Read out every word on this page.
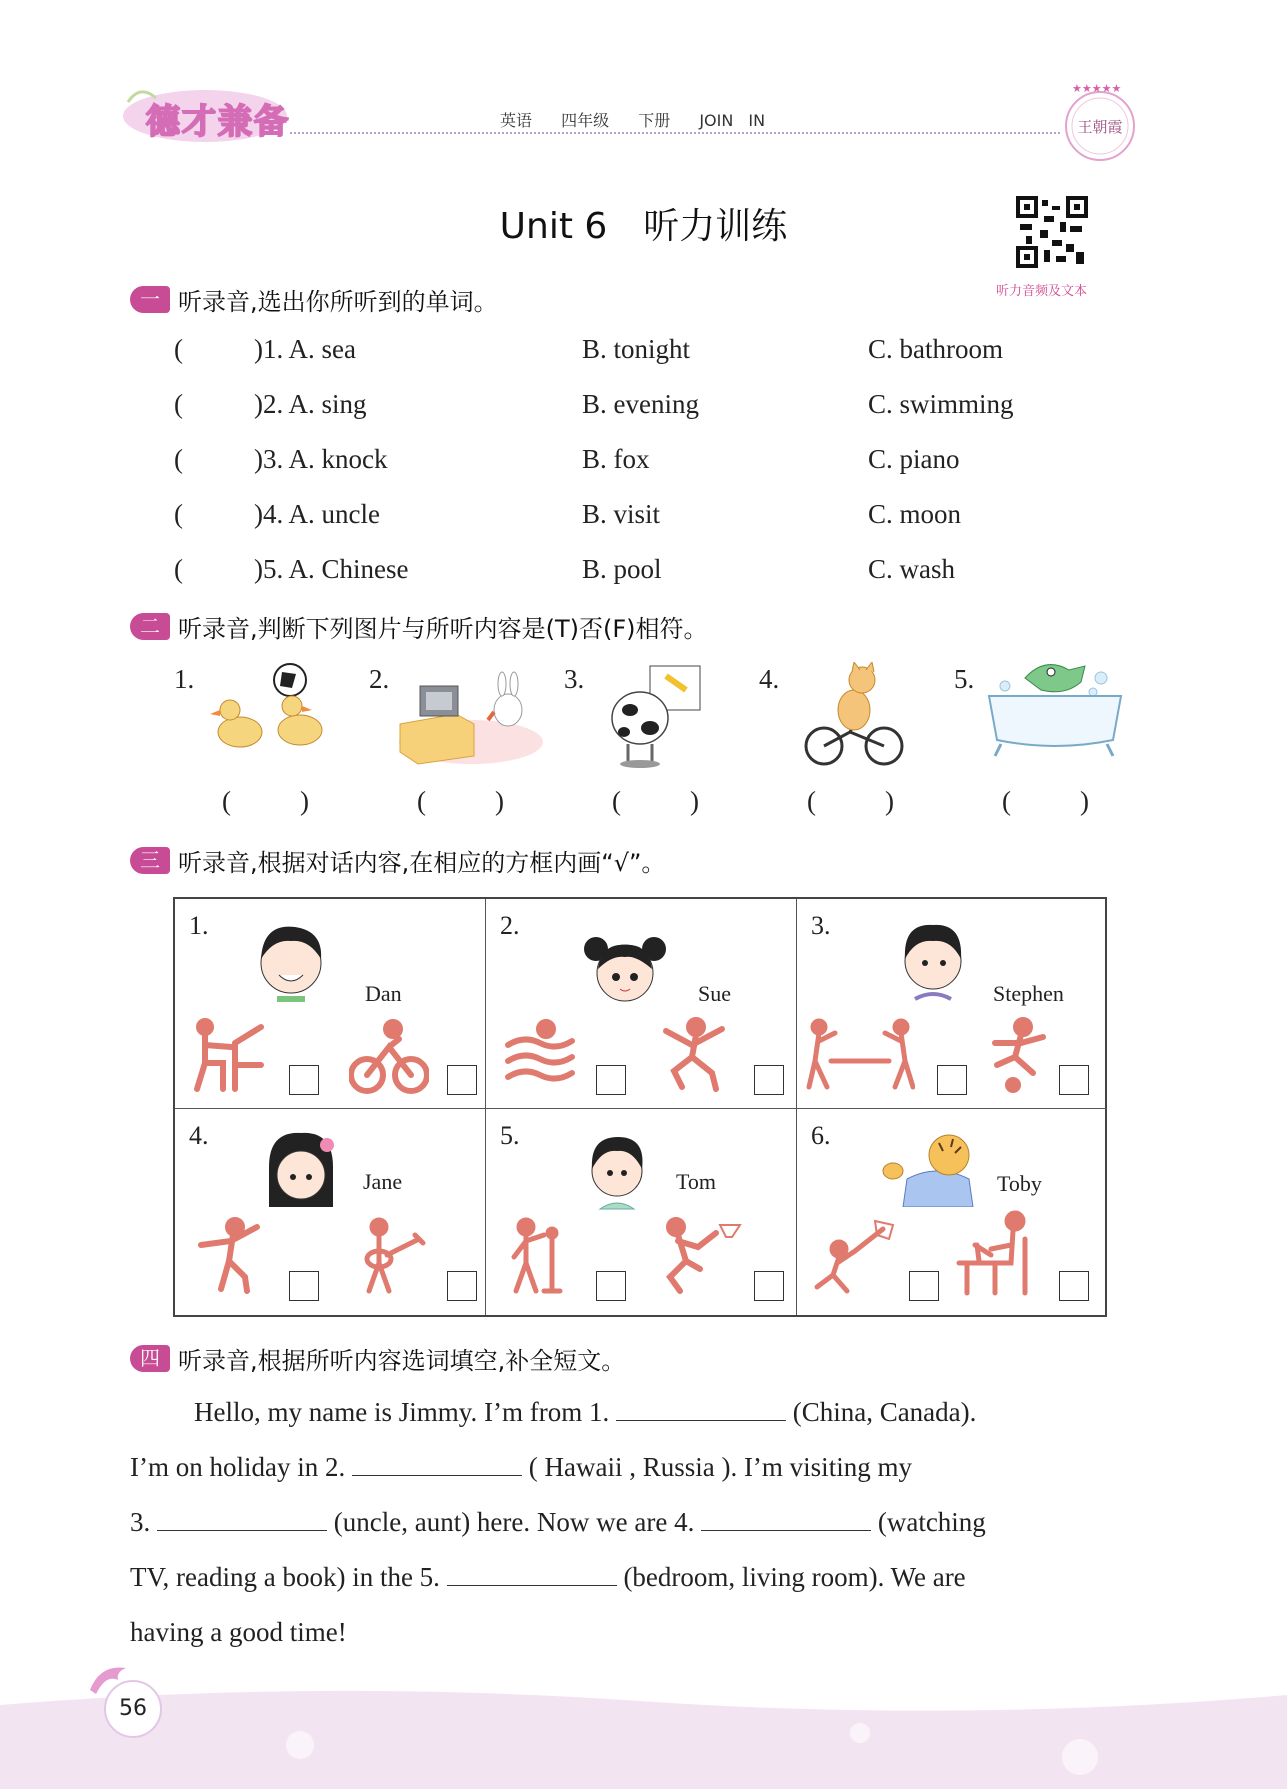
德才兼备	英语 四年级 下册 JOIN IN
★★★★★
王朝霞
Unit 6　听力训练
听力音频及文本
一 听录音,选出你所听到的单词。
(	)1. A. sea	B. tonight	C. bathroom
(	)2. A. sing	B. evening	C. swimming
(	)3. A. knock	B. fox	C. piano
(	)4. A. uncle	B. visit	C. moon
(	)5. A. Chinese	B. pool	C. wash
二 听录音,判断下列图片与所听内容是(T)否(F)相符。
1.
(	)
2.
(	)
3.
(	)
4.
(	)
5.
(	)
三 听录音,根据对话内容,在相应的方框内画“√”。
1.
Dan
2.
Sue
3.
Stephen
4.
Jane
5.
Tom
6.
Toby
四 听录音,根据所听内容选词填空,补全短文。
Hello, my name is Jimmy. I’m from 1.	(China, Canada).
I’m on holiday in 2.	( Hawaii , Russia ). I’m visiting my
3.	(uncle, aunt) here. Now we are 4.	(watching
TV, reading a book) in the 5.	(bedroom, living room). We are
having a good time!
56
